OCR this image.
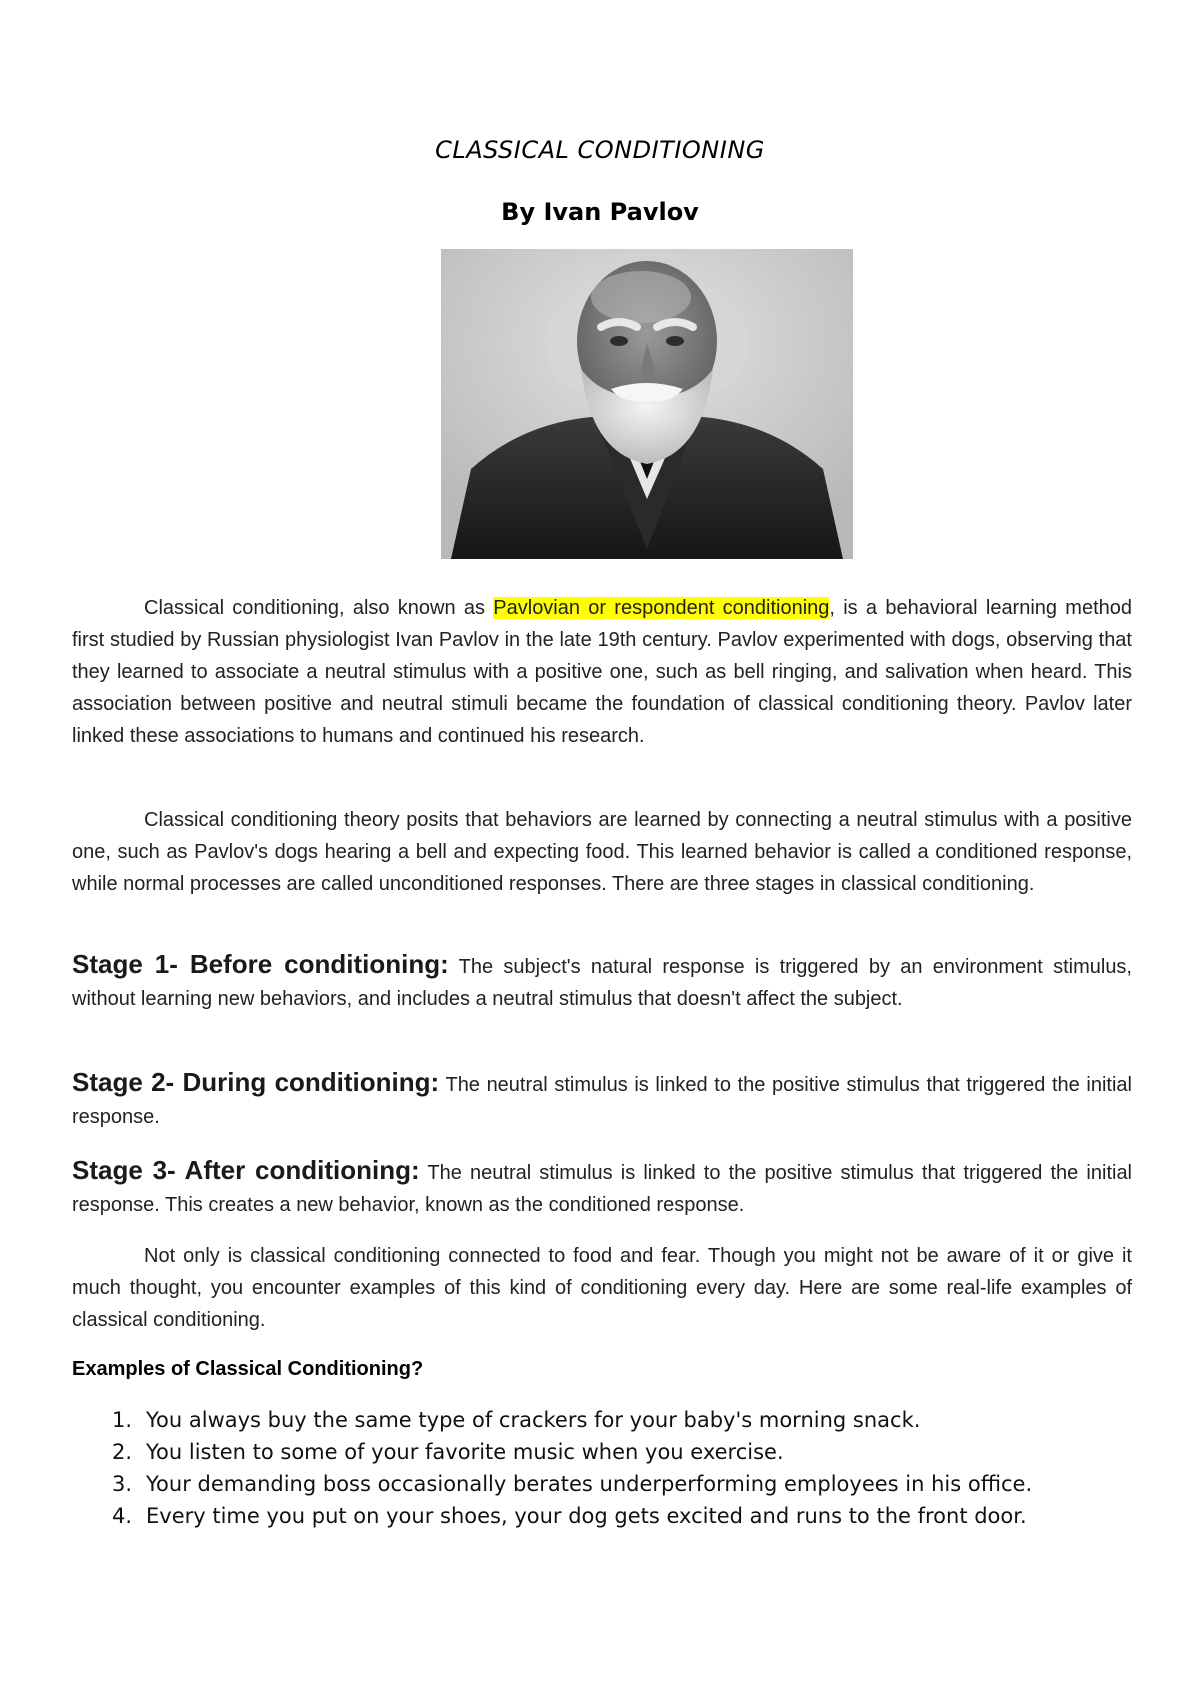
CLASSICAL CONDITIONING
By Ivan Pavlov

Classical conditioning, also known as Pavlovian or respondent conditioning, is a behavioral learning method first studied by Russian physiologist Ivan Pavlov in the late 19th century. Pavlov experimented with dogs, observing that they learned to associate a neutral stimulus with a positive one, such as bell ringing, and salivation when heard. This association between positive and neutral stimuli became the foundation of classical conditioning theory. Pavlov later linked these associations to humans and continued his research.

Classical conditioning theory posits that behaviors are learned by connecting a neutral stimulus with a positive one, such as Pavlov's dogs hearing a bell and expecting food. This learned behavior is called a conditioned response, while normal processes are called unconditioned responses. There are three stages in classical conditioning.

Stage 1- Before conditioning: The subject's natural response is triggered by an environment stimulus, without learning new behaviors, and includes a neutral stimulus that doesn't affect the subject.

Stage 2- During conditioning: The neutral stimulus is linked to the positive stimulus that triggered the initial response.

Stage 3- After conditioning: The neutral stimulus is linked to the positive stimulus that triggered the initial response. This creates a new behavior, known as the conditioned response.

Not only is classical conditioning connected to food and fear. Though you might not be aware of it or give it much thought, you encounter examples of this kind of conditioning every day. Here are some real-life examples of classical conditioning.

Examples of Classical Conditioning?
1. You always buy the same type of crackers for your baby's morning snack.
2. You listen to some of your favorite music when you exercise.
3. Your demanding boss occasionally berates underperforming employees in his office.
4. Every time you put on your shoes, your dog gets excited and runs to the front door.
